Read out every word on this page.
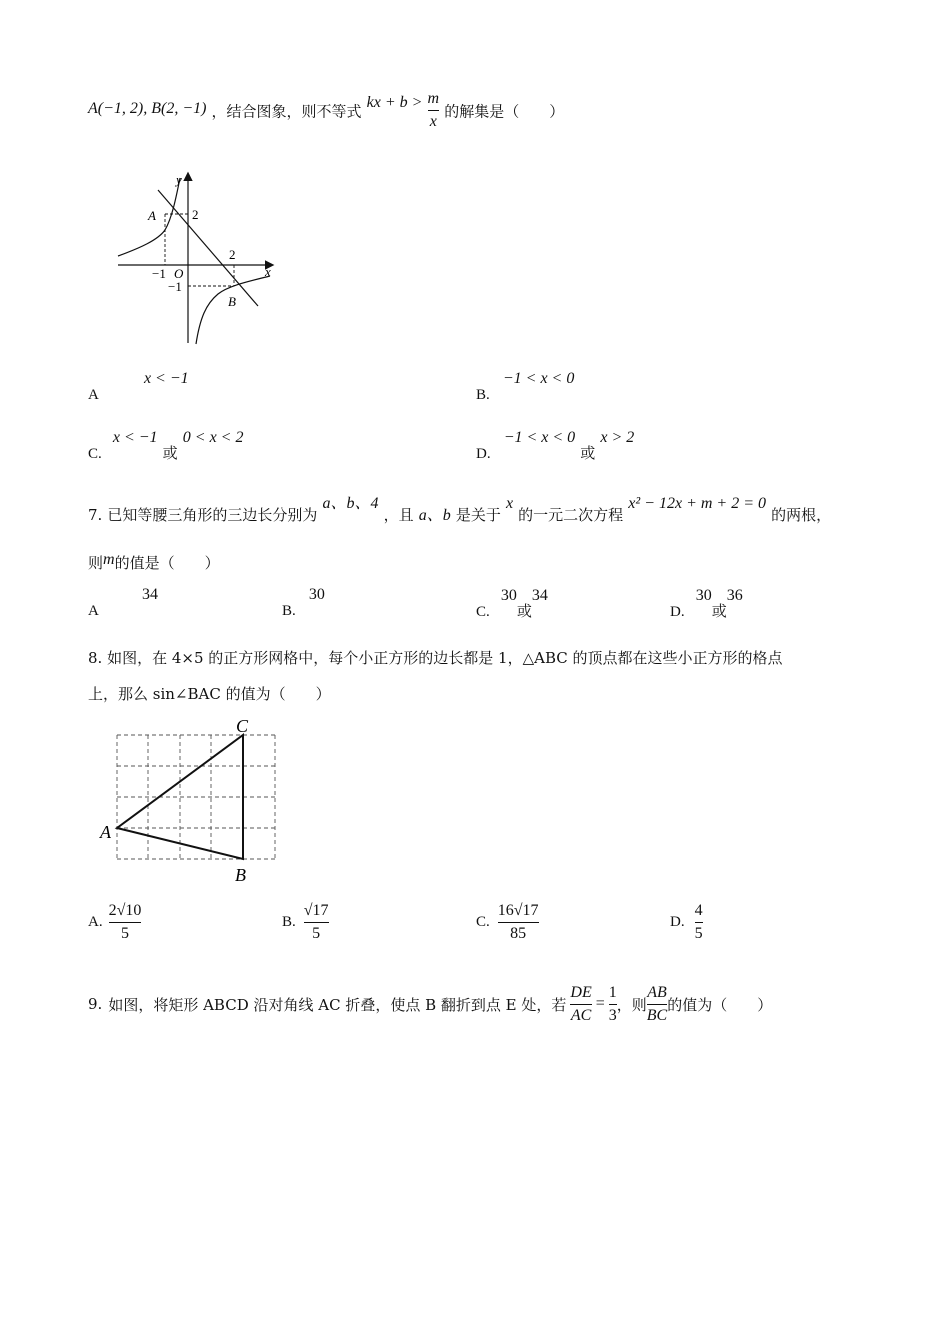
A(−1, 2), B(2, −1) ，结合图象，则不等式 kx + $b > \frac{m}{x}$ 的解集是（　　）
y
x
O
A
B
2
2
−1
−1
A x < −1
B. −1 < x < 0
C. x < −1 或 0 < x < 2
D. −1 < x < 0 或 x > 2
7. 已知等腰三角形的三边长分别为 a、b、4 ，且 a、b 是关于 x 的一元二次方程 x² − 12x + m + 2 = 0 的两根，
则m的值是（　　）
A 34
B. 30
C. 30或34
D. 30或36
8. 如图，在 4×5 的正方形网格中，每个小正方形的边长都是 1，△ABC 的顶点都在这些小正方形的格点
上，那么 sin∠BAC 的值为（　　）
A
B
C
A. $\frac{2√10}{5}$	B. $\frac{√17}{5}$	C. $\frac{16√17}{85}$	D. $\frac{4}{5}$
9. 如图，将矩形 ABCD 沿对角线 AC 折叠，使点 B 翻折到点 E 处，若 $\frac{DE}{AC} = \frac{1}{3}$ ，则 $\frac{AB}{BC}$ 的值为（　　）
